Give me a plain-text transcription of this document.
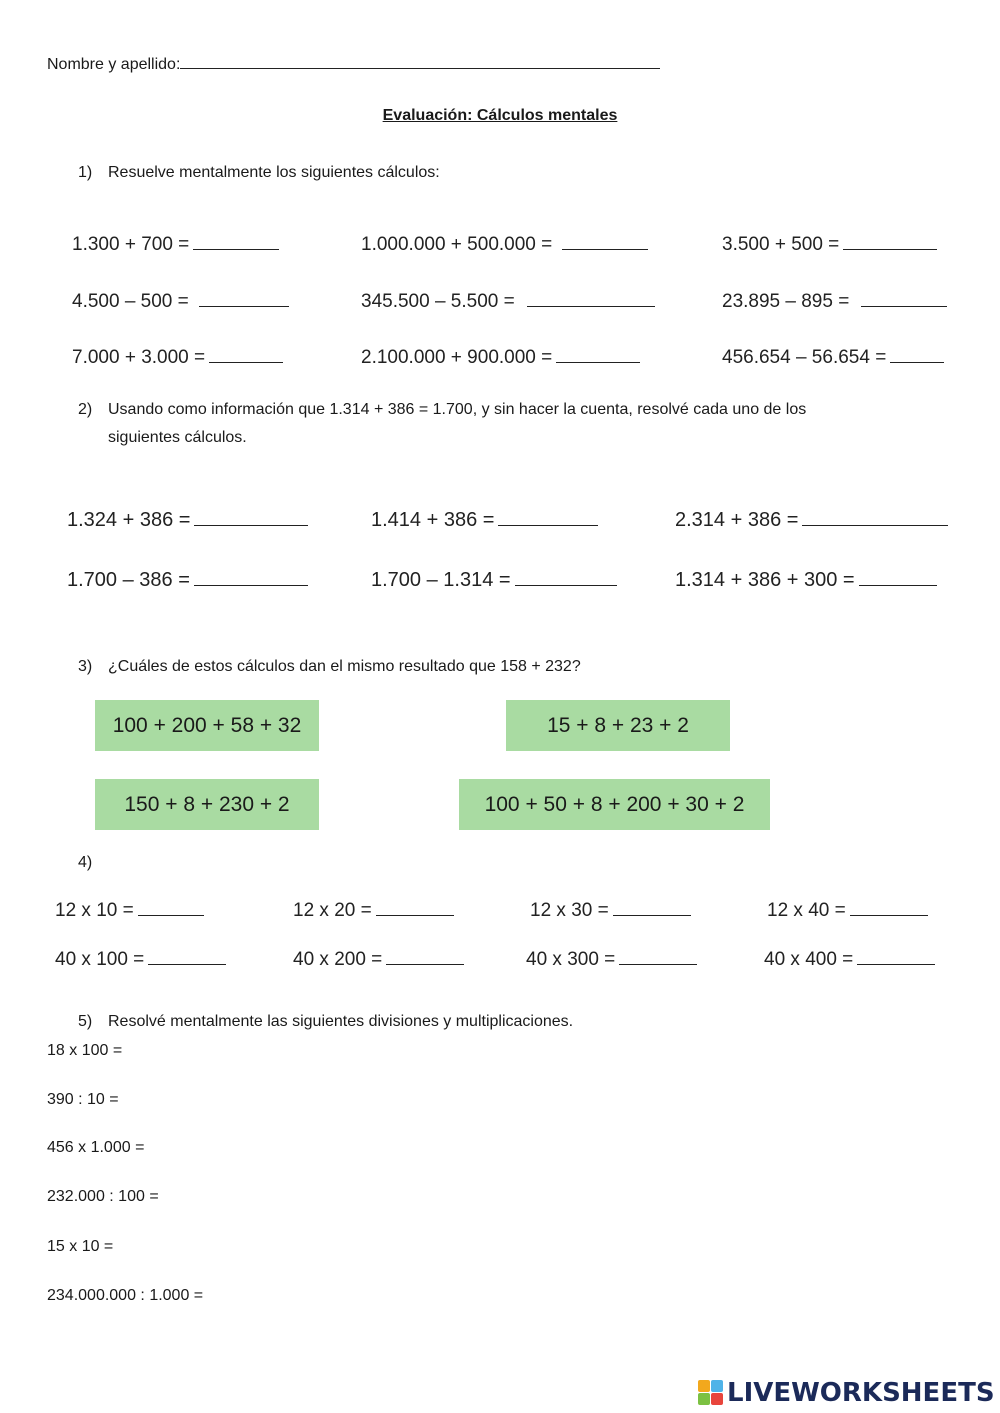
Nombre y apellido:
Evaluación: Cálculos mentales
1) Resuelve mentalmente los siguientes cálculos:
1.300 + 700 =	1.000.000 + 500.000 =	3.500 + 500 =
4.500 – 500 =	345.500 – 5.500 =	23.895 – 895 =
7.000 + 3.000 =	2.100.000 + 900.000 =	456.654 – 56.654 =
2) Usando como información que 1.314 + 386 = 1.700, y sin hacer la cuenta, resolvé cada uno de los
siguientes cálculos.
1.324 + 386 =	1.414 + 386 =	2.314 + 386 =
1.700 – 386 =	1.700 – 1.314 =	1.314 + 386 + 300 =
3) ¿Cuáles de estos cálculos dan el mismo resultado que 158 + 232?
100 + 200 + 58 + 32	15 + 8 + 23 + 2
150 + 8 + 230 + 2	100 + 50 + 8 + 200 + 30 + 2
4)
12 x 10 =	12 x 20 =	12 x 30 =	12 x 40 =
40 x 100 =	40 x 200 =	40 x 300 =	40 x 400 =
5) Resolvé mentalmente las siguientes divisiones y multiplicaciones.
18 x 100 =
390 : 10 =
456 x 1.000 =
232.000 : 100 =
15 x 10 =
234.000.000 : 1.000 =
LIVEWORKSHEETS
